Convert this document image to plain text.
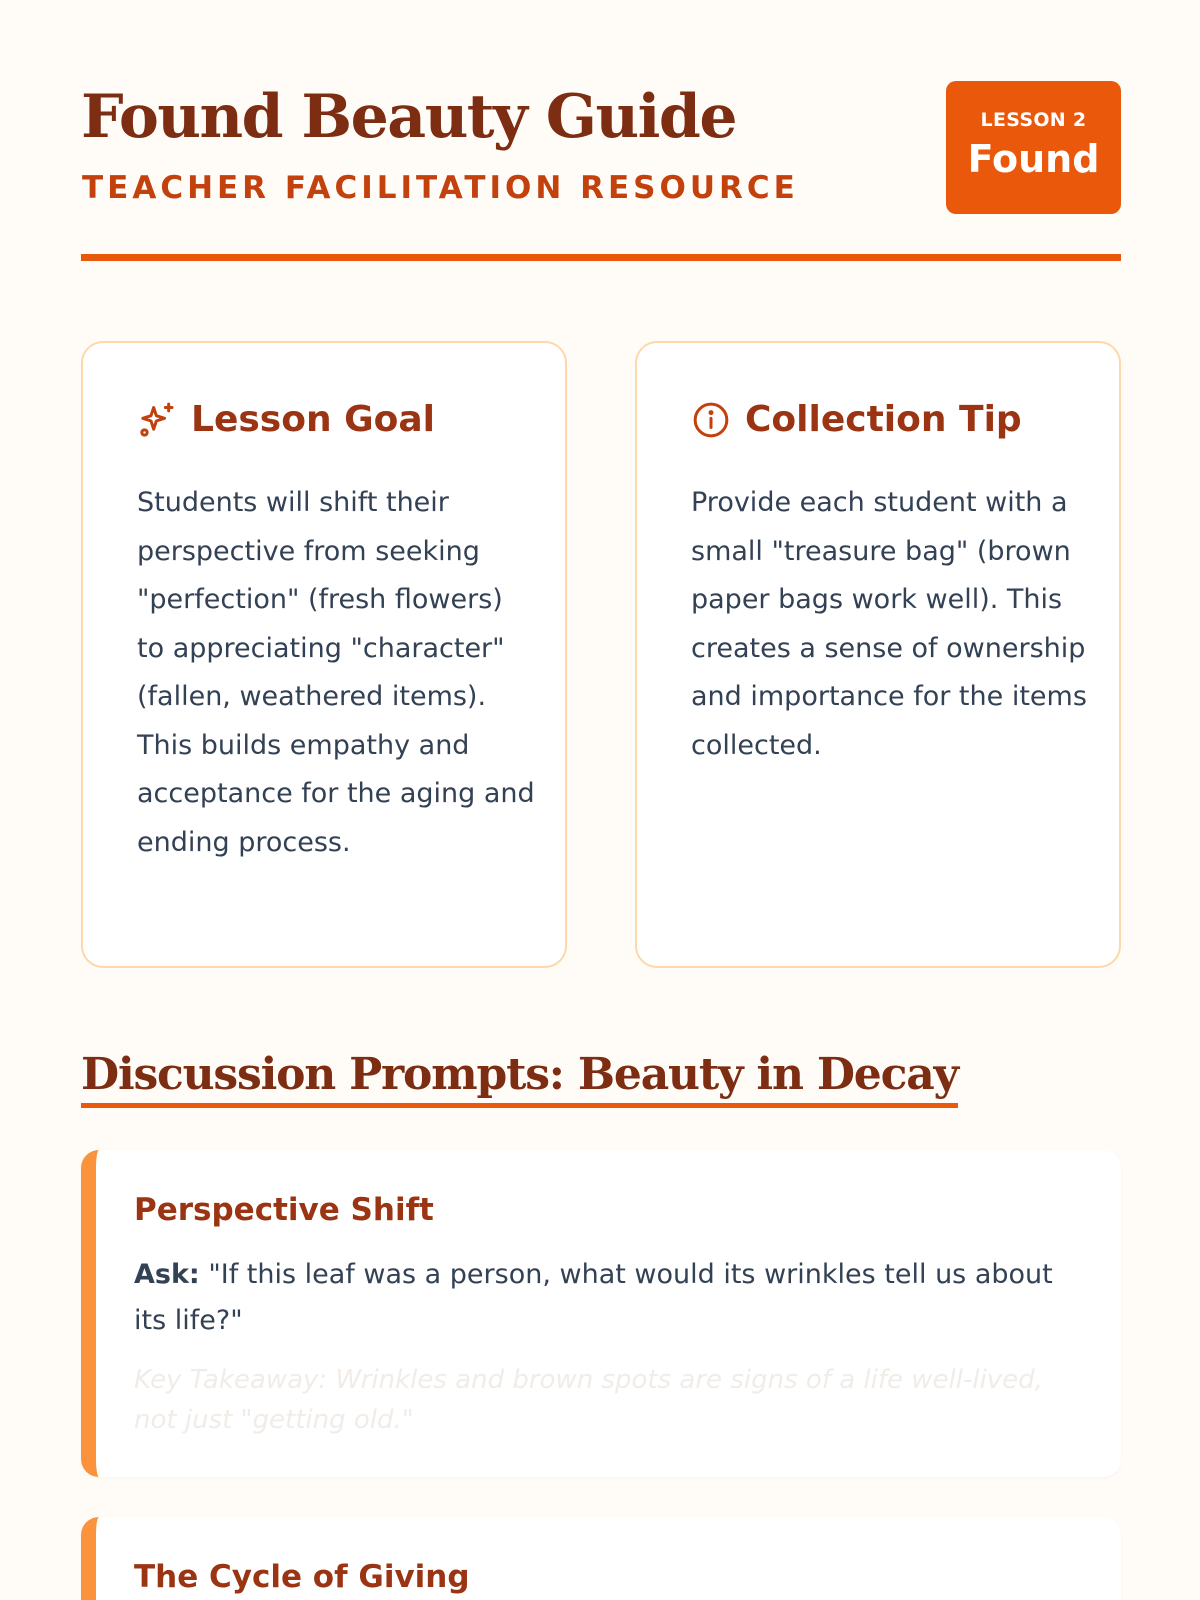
Found Beauty Guide
TEACHER FACILITATION RESOURCE
LESSON 2
Found
Lesson Goal

Students will shift their perspective from seeking "perfection" (fresh flowers) to appreciating "character" (fallen, weathered items). This builds empathy and acceptance for the aging and ending process.

Collection Tip

Provide each student with a small "treasure bag" (brown paper bags work well). This creates a sense of ownership and importance for the items collected.

Discussion Prompts: Beauty in Decay
Perspective Shift

Ask: "If this leaf was a person, what would its wrinkles tell us about its life?"

Key Takeaway: Wrinkles and brown spots are signs of a life well-lived, not just "getting old."

The Cycle of Giving
